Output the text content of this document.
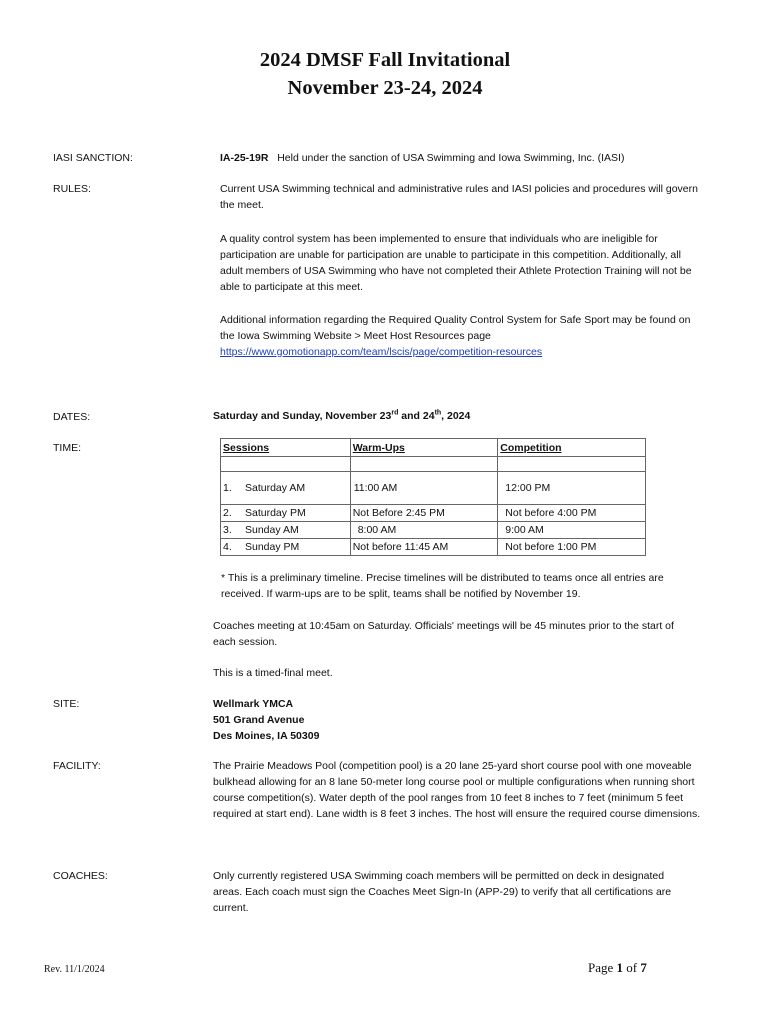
2024 DMSF Fall Invitational
November 23-24, 2024
IASI SANCTION:	IA-25-19R Held under the sanction of USA Swimming and Iowa Swimming, Inc. (IASI)
RULES:	Current USA Swimming technical and administrative rules and IASI policies and procedures will govern the meet.
A quality control system has been implemented to ensure that individuals who are ineligible for participation are unable for participation are unable to participate in this competition. Additionally, all adult members of USA Swimming who have not completed their Athlete Protection Training will not be able to participate at this meet.
Additional information regarding the Required Quality Control System for Safe Sport may be found on the Iowa Swimming Website > Meet Host Resources page
https://www.gomotionapp.com/team/lscis/page/competition-resources
DATES:	Saturday and Sunday, November 23rd and 24th, 2024
TIME:	Sessions	Warm-Ups	Competition

1. Saturday AM	11:00 AM	12:00 PM
2. Saturday PM	Not Before 2:45 PM	Not before 4:00 PM
3. Sunday AM	8:00 AM	9:00 AM
4. Sunday PM	Not before 11:45 AM	Not before 1:00 PM
* This is a preliminary timeline. Precise timelines will be distributed to teams once all entries are received. If warm-ups are to be split, teams shall be notified by November 19.
Coaches meeting at 10:45am on Saturday. Officials' meetings will be 45 minutes prior to the start of each session.
This is a timed-final meet.
SITE:	Wellmark YMCA
501 Grand Avenue
Des Moines, IA 50309
FACILITY:	The Prairie Meadows Pool (competition pool) is a 20 lane 25-yard short course pool with one moveable bulkhead allowing for an 8 lane 50-meter long course pool or multiple configurations when running short course competition(s). Water depth of the pool ranges from 10 feet 8 inches to 7 feet (minimum 5 feet required at start end). Lane width is 8 feet 3 inches. The host will ensure the required course dimensions.
COACHES:	Only currently registered USA Swimming coach members will be permitted on deck in designated areas. Each coach must sign the Coaches Meet Sign-In (APP-29) to verify that all certifications are current.
Rev. 11/1/2024	Page 1 of 7
